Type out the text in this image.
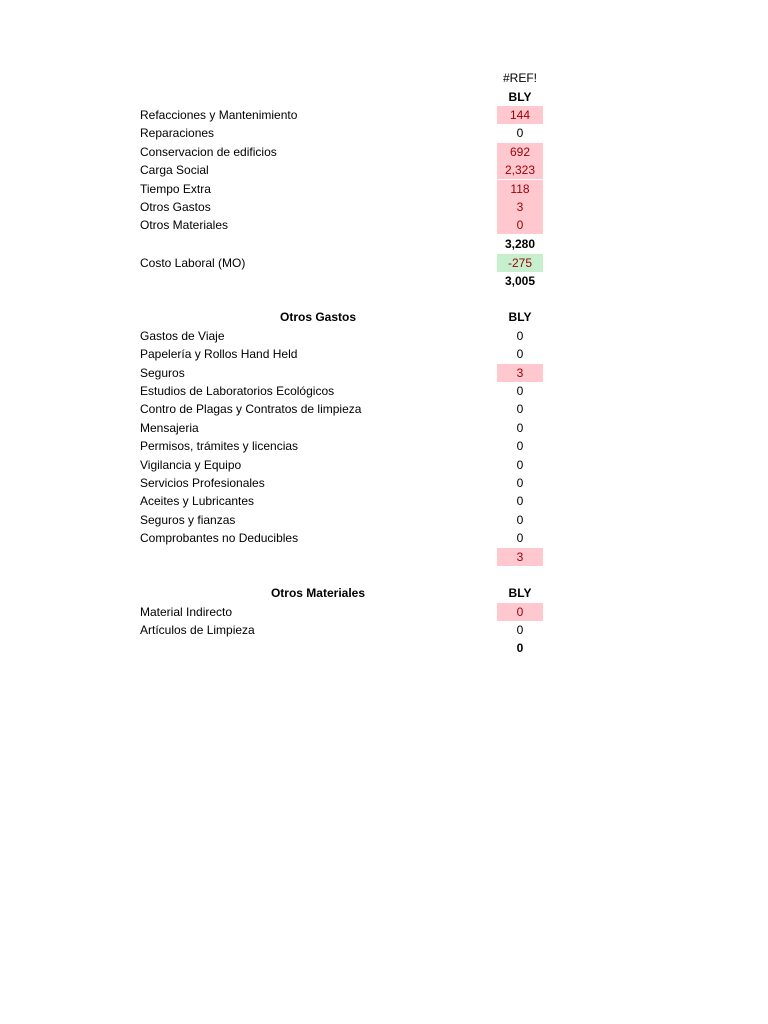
#REF!
BLY
Refacciones y Mantenimiento	144
Reparaciones	0
Conservacion de edificios	692
Carga Social	2,323
Tiempo Extra	118
Otros Gastos	3
Otros Materiales	0
3,280
Costo Laboral (MO)	-275
3,005
Otros Gastos	BLY
Gastos de Viaje	0
Papelería y Rollos Hand Held	0
Seguros	3
Estudios de Laboratorios Ecológicos	0
Contro de Plagas y Contratos de limpieza	0
Mensajeria	0
Permisos, trámites y licencias	0
Vigilancia y Equipo	0
Servicios Profesionales	0
Aceites y Lubricantes	0
Seguros y fianzas	0
Comprobantes no Deducibles	0
3
Otros Materiales	BLY
Material Indirecto	0
Artículos de Limpieza	0
0
